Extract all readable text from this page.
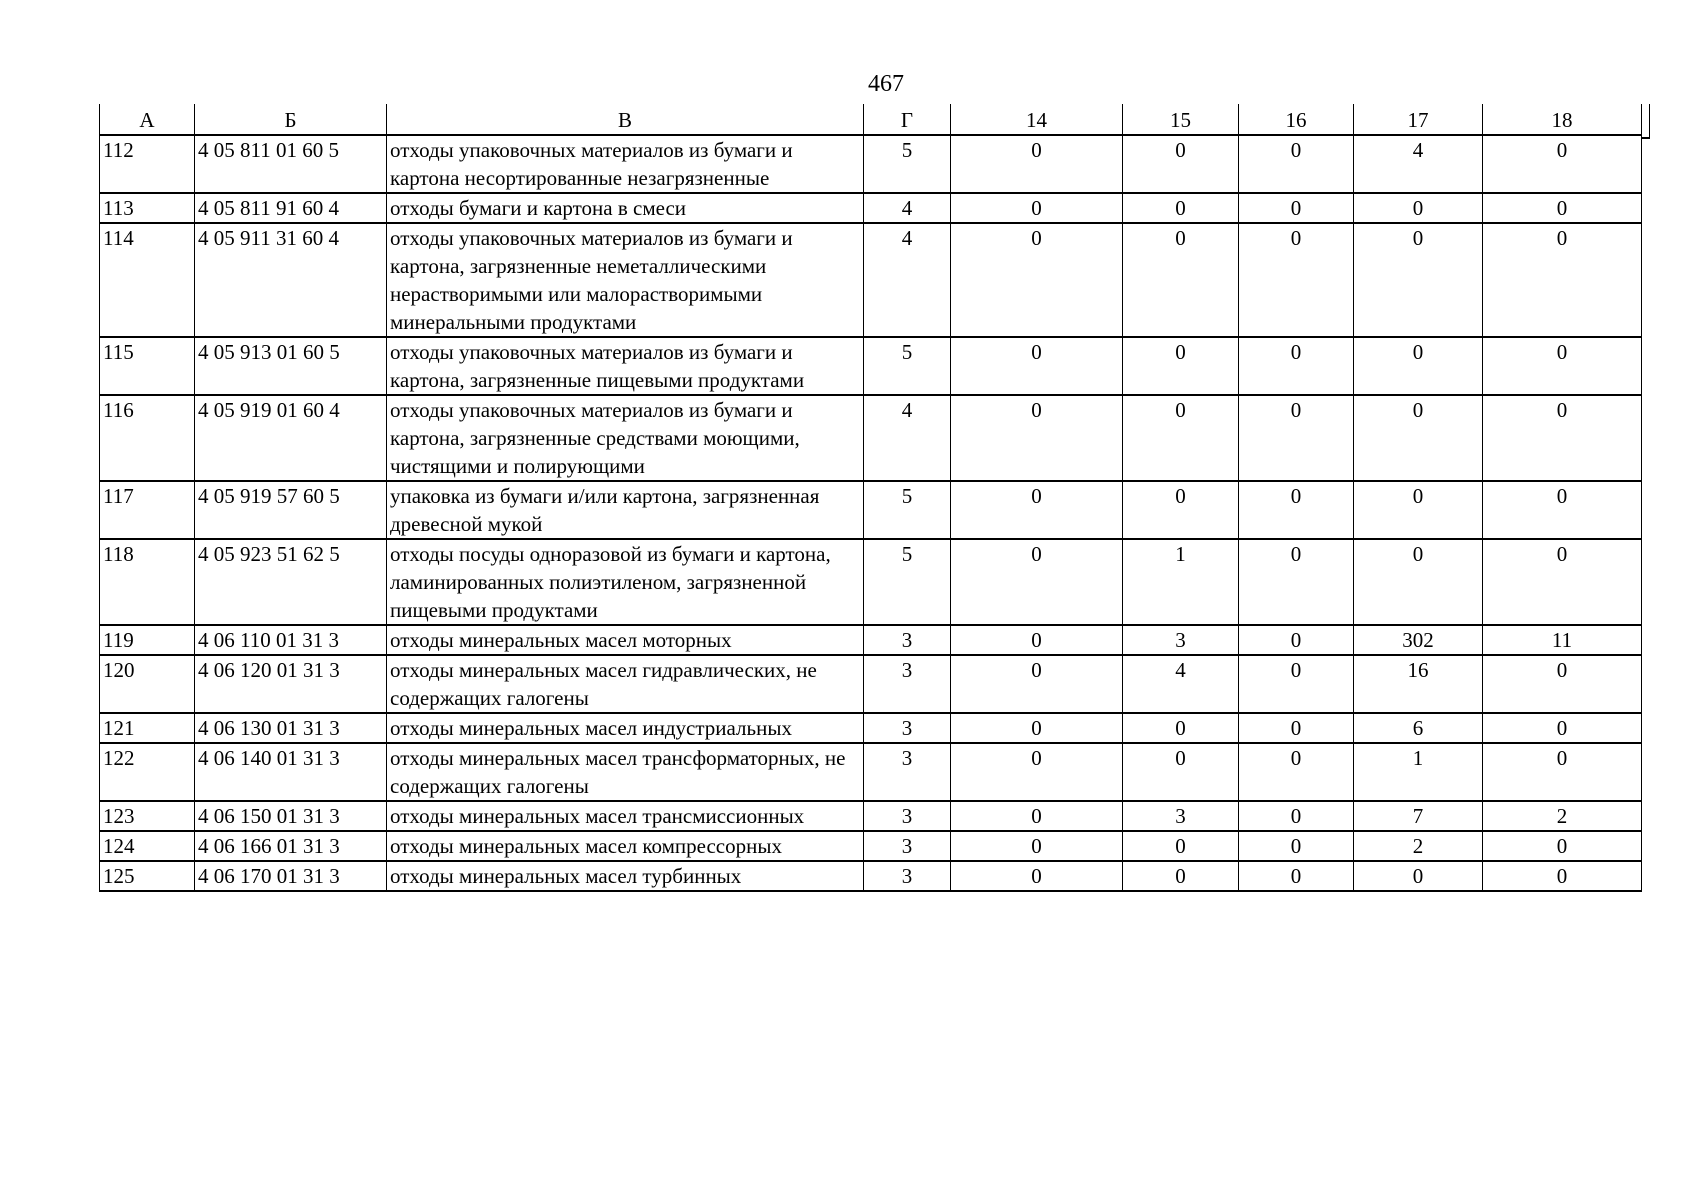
467
А	Б	В	Г	14	15	16	17	18
112	4 05 811 01 60 5	отходы упаковочных материалов из бумаги и картона несортированные незагрязненные	5	0	0	0	4	0
113	4 05 811 91 60 4	отходы бумаги и картона в смеси	4	0	0	0	0	0
114	4 05 911 31 60 4	отходы упаковочных материалов из бумаги и картона, загрязненные неметаллическими нерастворимыми или малорастворимыми минеральными продуктами	4	0	0	0	0	0
115	4 05 913 01 60 5	отходы упаковочных материалов из бумаги и картона, загрязненные пищевыми продуктами	5	0	0	0	0	0
116	4 05 919 01 60 4	отходы упаковочных материалов из бумаги и картона, загрязненные средствами моющими, чистящими и полирующими	4	0	0	0	0	0
117	4 05 919 57 60 5	упаковка из бумаги и/или картона, загрязненная древесной мукой	5	0	0	0	0	0
118	4 05 923 51 62 5	отходы посуды одноразовой из бумаги и картона, ламинированных полиэтиленом, загрязненной пищевыми продуктами	5	0	1	0	0	0
119	4 06 110 01 31 3	отходы минеральных масел моторных	3	0	3	0	302	11
120	4 06 120 01 31 3	отходы минеральных масел гидравлических, не содержащих галогены	3	0	4	0	16	0
121	4 06 130 01 31 3	отходы минеральных масел индустриальных	3	0	0	0	6	0
122	4 06 140 01 31 3	отходы минеральных масел трансформаторных, не содержащих галогены	3	0	0	0	1	0
123	4 06 150 01 31 3	отходы минеральных масел трансмиссионных	3	0	3	0	7	2
124	4 06 166 01 31 3	отходы минеральных масел компрессорных	3	0	0	0	2	0
125	4 06 170 01 31 3	отходы минеральных масел турбинных	3	0	0	0	0	0
